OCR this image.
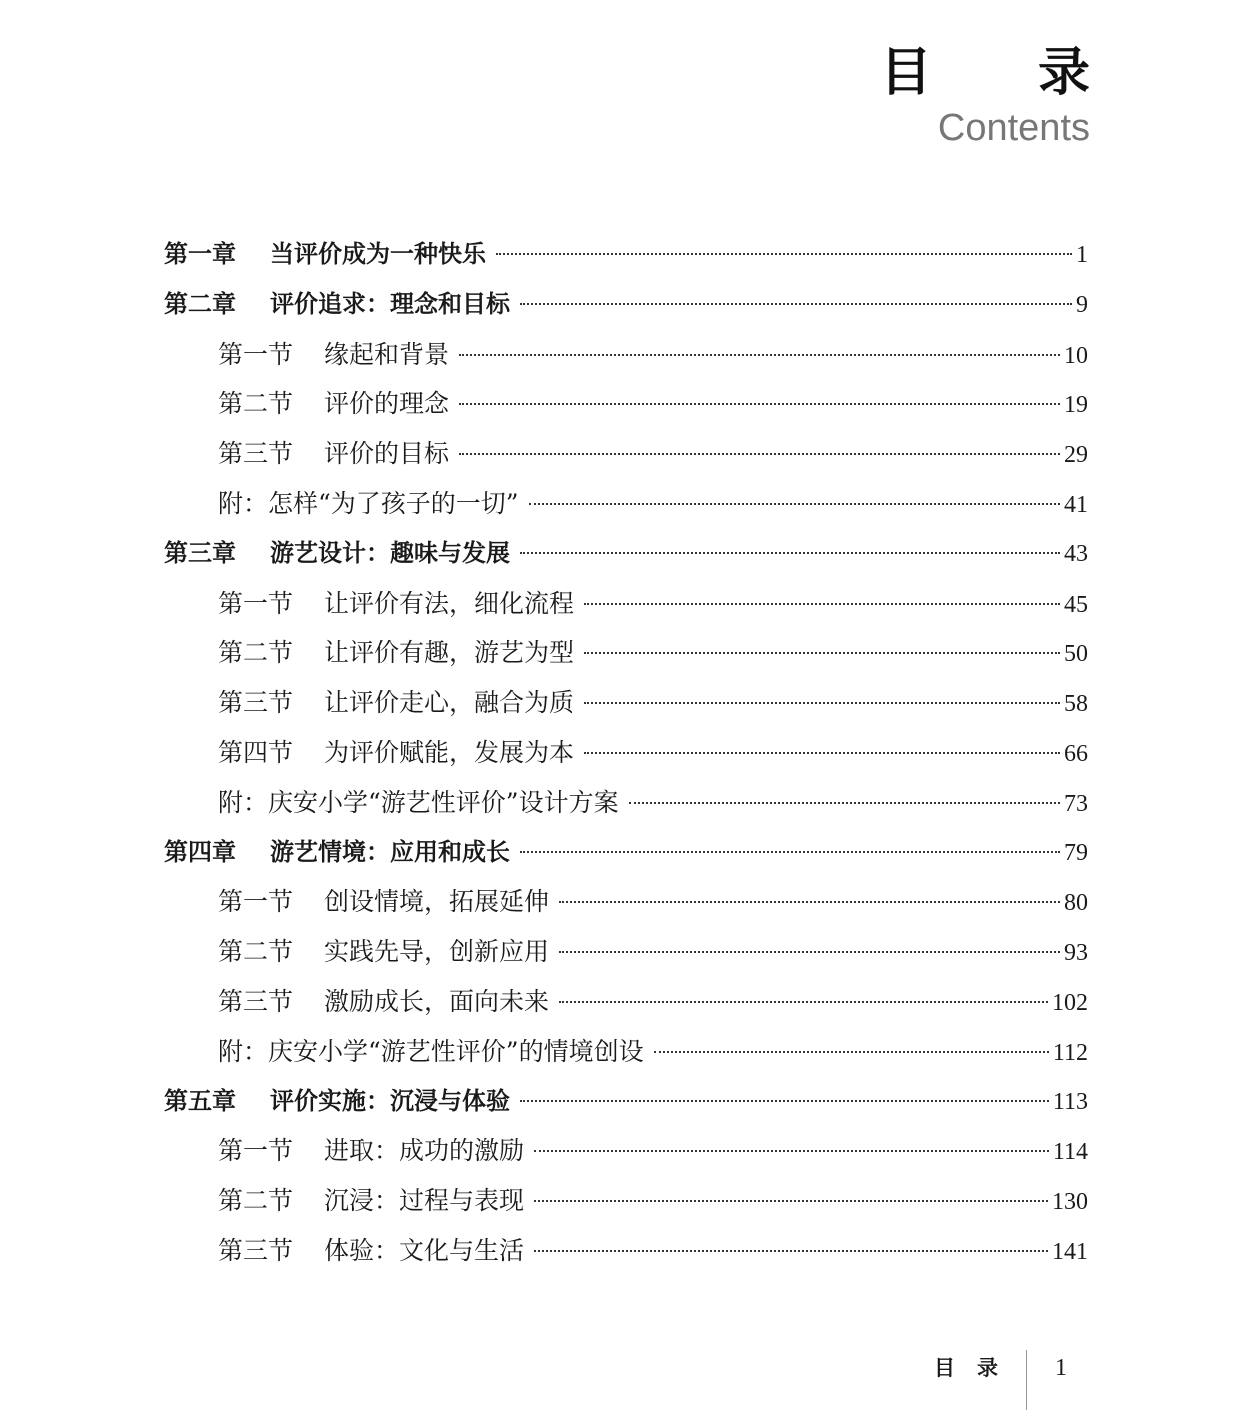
目 录
Contents
第一章	当评价成为一种快乐	1
第二章	评价追求：理念和目标	9
第一节	缘起和背景	10
第二节	评价的理念	19
第三节	评价的目标	29
附：怎样“为了孩子的一切”	41
第三章	游艺设计：趣味与发展	43
第一节	让评价有法，细化流程	45
第二节	让评价有趣，游艺为型	50
第三节	让评价走心，融合为质	58
第四节	为评价赋能，发展为本	66
附：庆安小学“游艺性评价”设计方案	73
第四章	游艺情境：应用和成长	79
第一节	创设情境，拓展延伸	80
第二节	实践先导，创新应用	93
第三节	激励成长，面向未来	102
附：庆安小学“游艺性评价”的情境创设	112
第五章	评价实施：沉浸与体验	113
第一节	进取：成功的激励	114
第二节	沉浸：过程与表现	130
第三节	体验：文化与生活	141
目录 1
